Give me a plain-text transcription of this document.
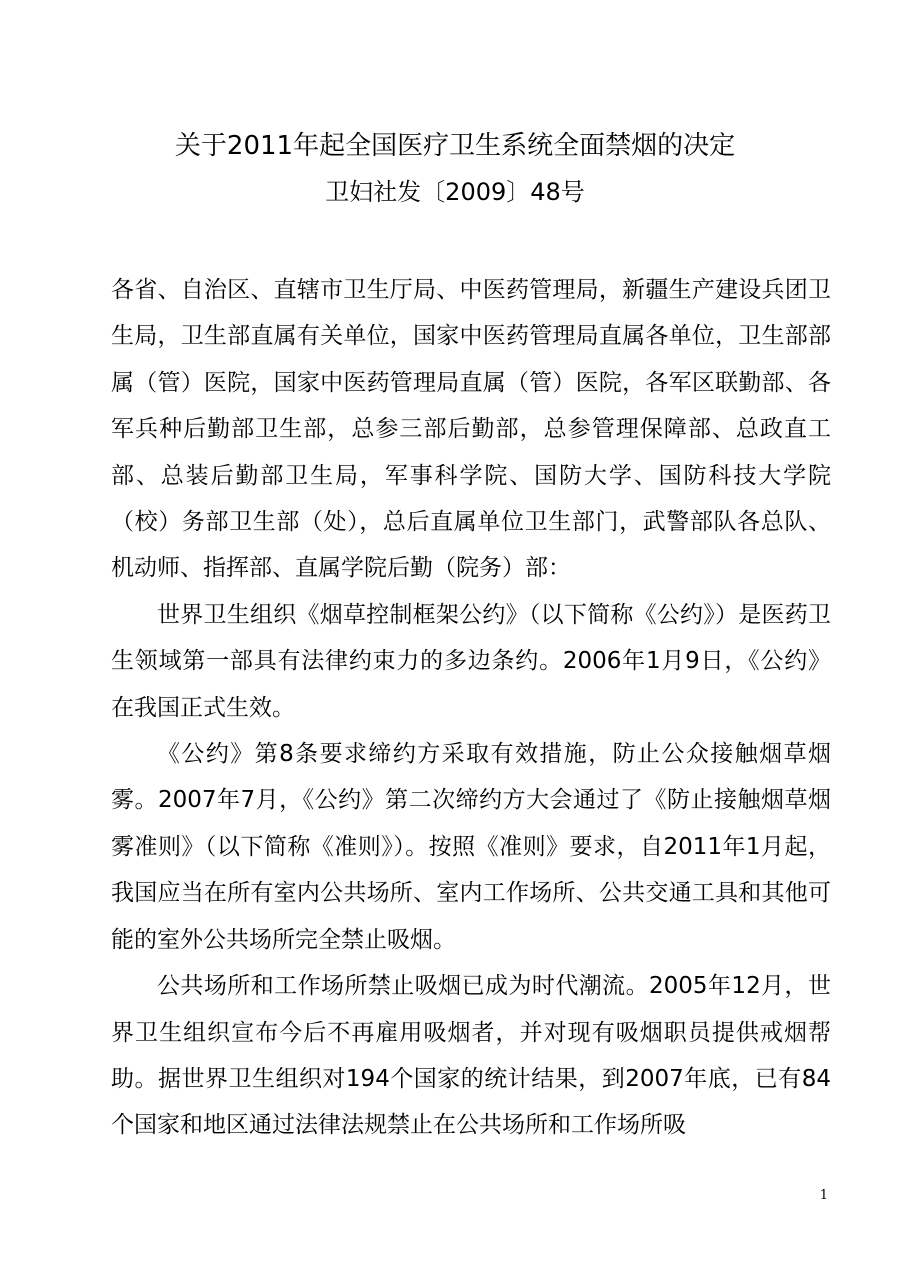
关于2011年起全国医疗卫生系统全面禁烟的决定
卫妇社发〔2009〕48号

各省、自治区、直辖市卫生厅局、中医药管理局，新疆生产建设兵团卫生局，卫生部直属有关单位，国家中医药管理局直属各单位，卫生部部属（管）医院，国家中医药管理局直属（管）医院，各军区联勤部、各军兵种后勤部卫生部，总参三部后勤部，总参管理保障部、总政直工部、总装后勤部卫生局，军事科学院、国防大学、国防科技大学院（校）务部卫生部（处），总后直属单位卫生部门，武警部队各总队、机动师、指挥部、直属学院后勤（院务）部：

世界卫生组织《烟草控制框架公约》（以下简称《公约》）是医药卫生领域第一部具有法律约束力的多边条约。2006年1月9日，《公约》在我国正式生效。

《公约》第8条要求缔约方采取有效措施，防止公众接触烟草烟雾。2007年7月，《公约》第二次缔约方大会通过了《防止接触烟草烟雾准则》（以下简称《准则》）。按照《准则》要求，自2011年1月起，我国应当在所有室内公共场所、室内工作场所、公共交通工具和其他可能的室外公共场所完全禁止吸烟。

公共场所和工作场所禁止吸烟已成为时代潮流。2005年12月，世界卫生组织宣布今后不再雇用吸烟者，并对现有吸烟职员提供戒烟帮助。据世界卫生组织对194个国家的统计结果，到2007年底，已有84个国家和地区通过法律法规禁止在公共场所和工作场所吸

1
